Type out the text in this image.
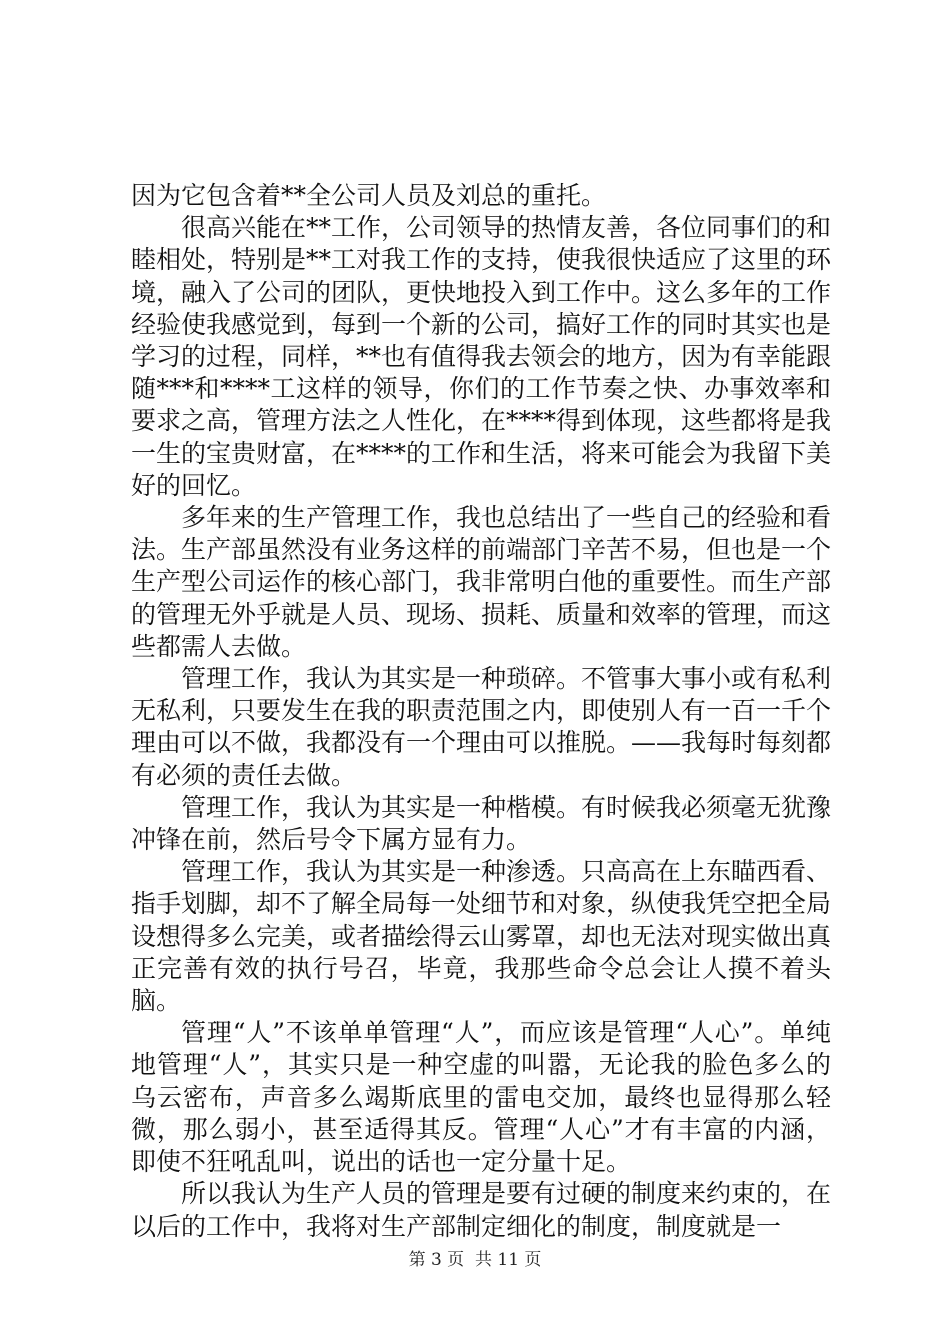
因为它包含着**全公司人员及刘总的重托。

很高兴能在**工作，公司领导的热情友善，各位同事们的和睦相处，特别是**工对我工作的支持，使我很快适应了这里的环境，融入了公司的团队，更快地投入到工作中。这么多年的工作经验使我感觉到，每到一个新的公司，搞好工作的同时其实也是学习的过程，同样，**也有值得我去领会的地方，因为有幸能跟随***和****工这样的领导，你们的工作节奏之快、办事效率和要求之高，管理方法之人性化，在****得到体现，这些都将是我一生的宝贵财富，在****的工作和生活，将来可能会为我留下美好的回忆。

多年来的生产管理工作，我也总结出了一些自己的经验和看法。生产部虽然没有业务这样的前端部门辛苦不易，但也是一个生产型公司运作的核心部门，我非常明白他的重要性。而生产部的管理无外乎就是人员、现场、损耗、质量和效率的管理，而这些都需人去做。

管理工作，我认为其实是一种琐碎。不管事大事小或有私利无私利，只要发生在我的职责范围之内，即使别人有一百一千个理由可以不做，我都没有一个理由可以推脱。——我每时每刻都有必须的责任去做。

管理工作，我认为其实是一种楷模。有时候我必须毫无犹豫冲锋在前，然后号令下属方显有力。

管理工作，我认为其实是一种渗透。只高高在上东瞄西看、指手划脚，却不了解全局每一处细节和对象，纵使我凭空把全局设想得多么完美，或者描绘得云山雾罩，却也无法对现实做出真正完善有效的执行号召，毕竟，我那些命令总会让人摸不着头脑。

管理“人”不该单单管理“人”，而应该是管理“人心”。单纯地管理“人”，其实只是一种空虚的叫嚣，无论我的脸色多么的乌云密布，声音多么竭斯底里的雷电交加，最终也显得那么轻微，那么弱小，甚至适得其反。管理“人心”才有丰富的内涵，即使不狂吼乱叫，说出的话也一定分量十足。

所以我认为生产人员的管理是要有过硬的制度来约束的，在以后的工作中，我将对生产部制定细化的制度，制度就是一

第 3 页  共 11 页
